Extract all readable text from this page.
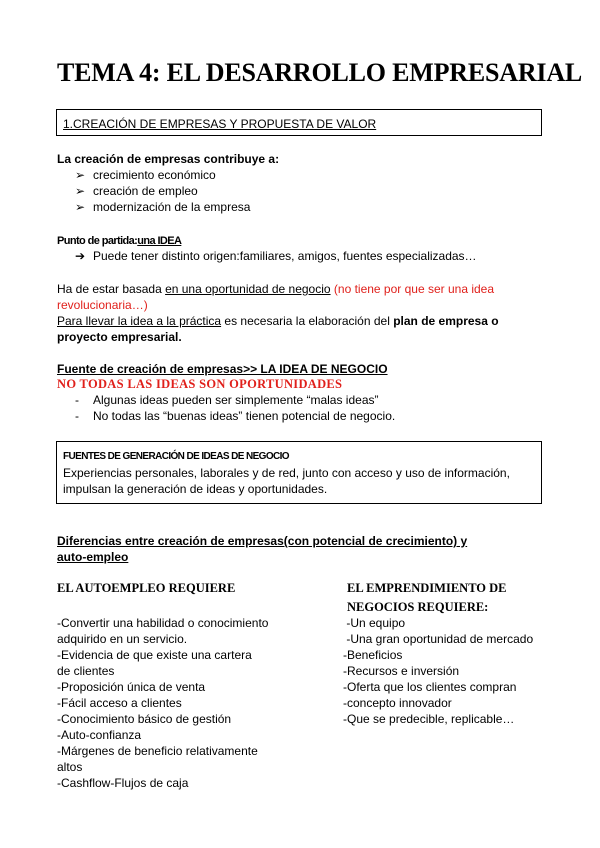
TEMA 4: EL DESARROLLO EMPRESARIAL
1.CREACIÓN DE EMPRESAS Y PROPUESTA DE VALOR
La creación de empresas contribuye a:
➢ crecimiento económico
➢ creación de empleo
➢ modernización de la empresa
Punto de partida:una IDEA
➔ Puede tener distinto origen:familiares, amigos, fuentes especializadas…
Ha de estar basada en una oportunidad de negocio (no tiene por que ser una idea
revolucionaria…)
Para llevar la idea a la práctica es necesaria la elaboración del plan de empresa o
proyecto empresarial.
Fuente de creación de empresas>> LA IDEA DE NEGOCIO
NO TODAS LAS IDEAS SON OPORTUNIDADES
- Algunas ideas pueden ser simplemente “malas ideas”
- No todas las “buenas ideas” tienen potencial de negocio.
FUENTES DE GENERACIÓN DE IDEAS DE NEGOCIO
Experiencias personales, laborales y de red, junto con acceso y uso de información,
impulsan la generación de ideas y oportunidades.
Diferencias entre creación de empresas(con potencial de crecimiento) y
auto-empleo
EL AUTOEMPLEO REQUIERE
-Convertir una habilidad o conocimiento
adquirido en un servicio.
-Evidencia de que existe una cartera
de clientes
-Proposición única de venta
-Fácil acceso a clientes
-Conocimiento básico de gestión
-Auto-confianza
-Márgenes de beneficio relativamente
altos
-Cashflow-Flujos de caja
EL EMPRENDIMIENTO DE
NEGOCIOS REQUIERE:
-Un equipo
-Una gran oportunidad de mercado
-Beneficios
-Recursos e inversión
-Oferta que los clientes compran
-concepto innovador
-Que se predecible, replicable…
